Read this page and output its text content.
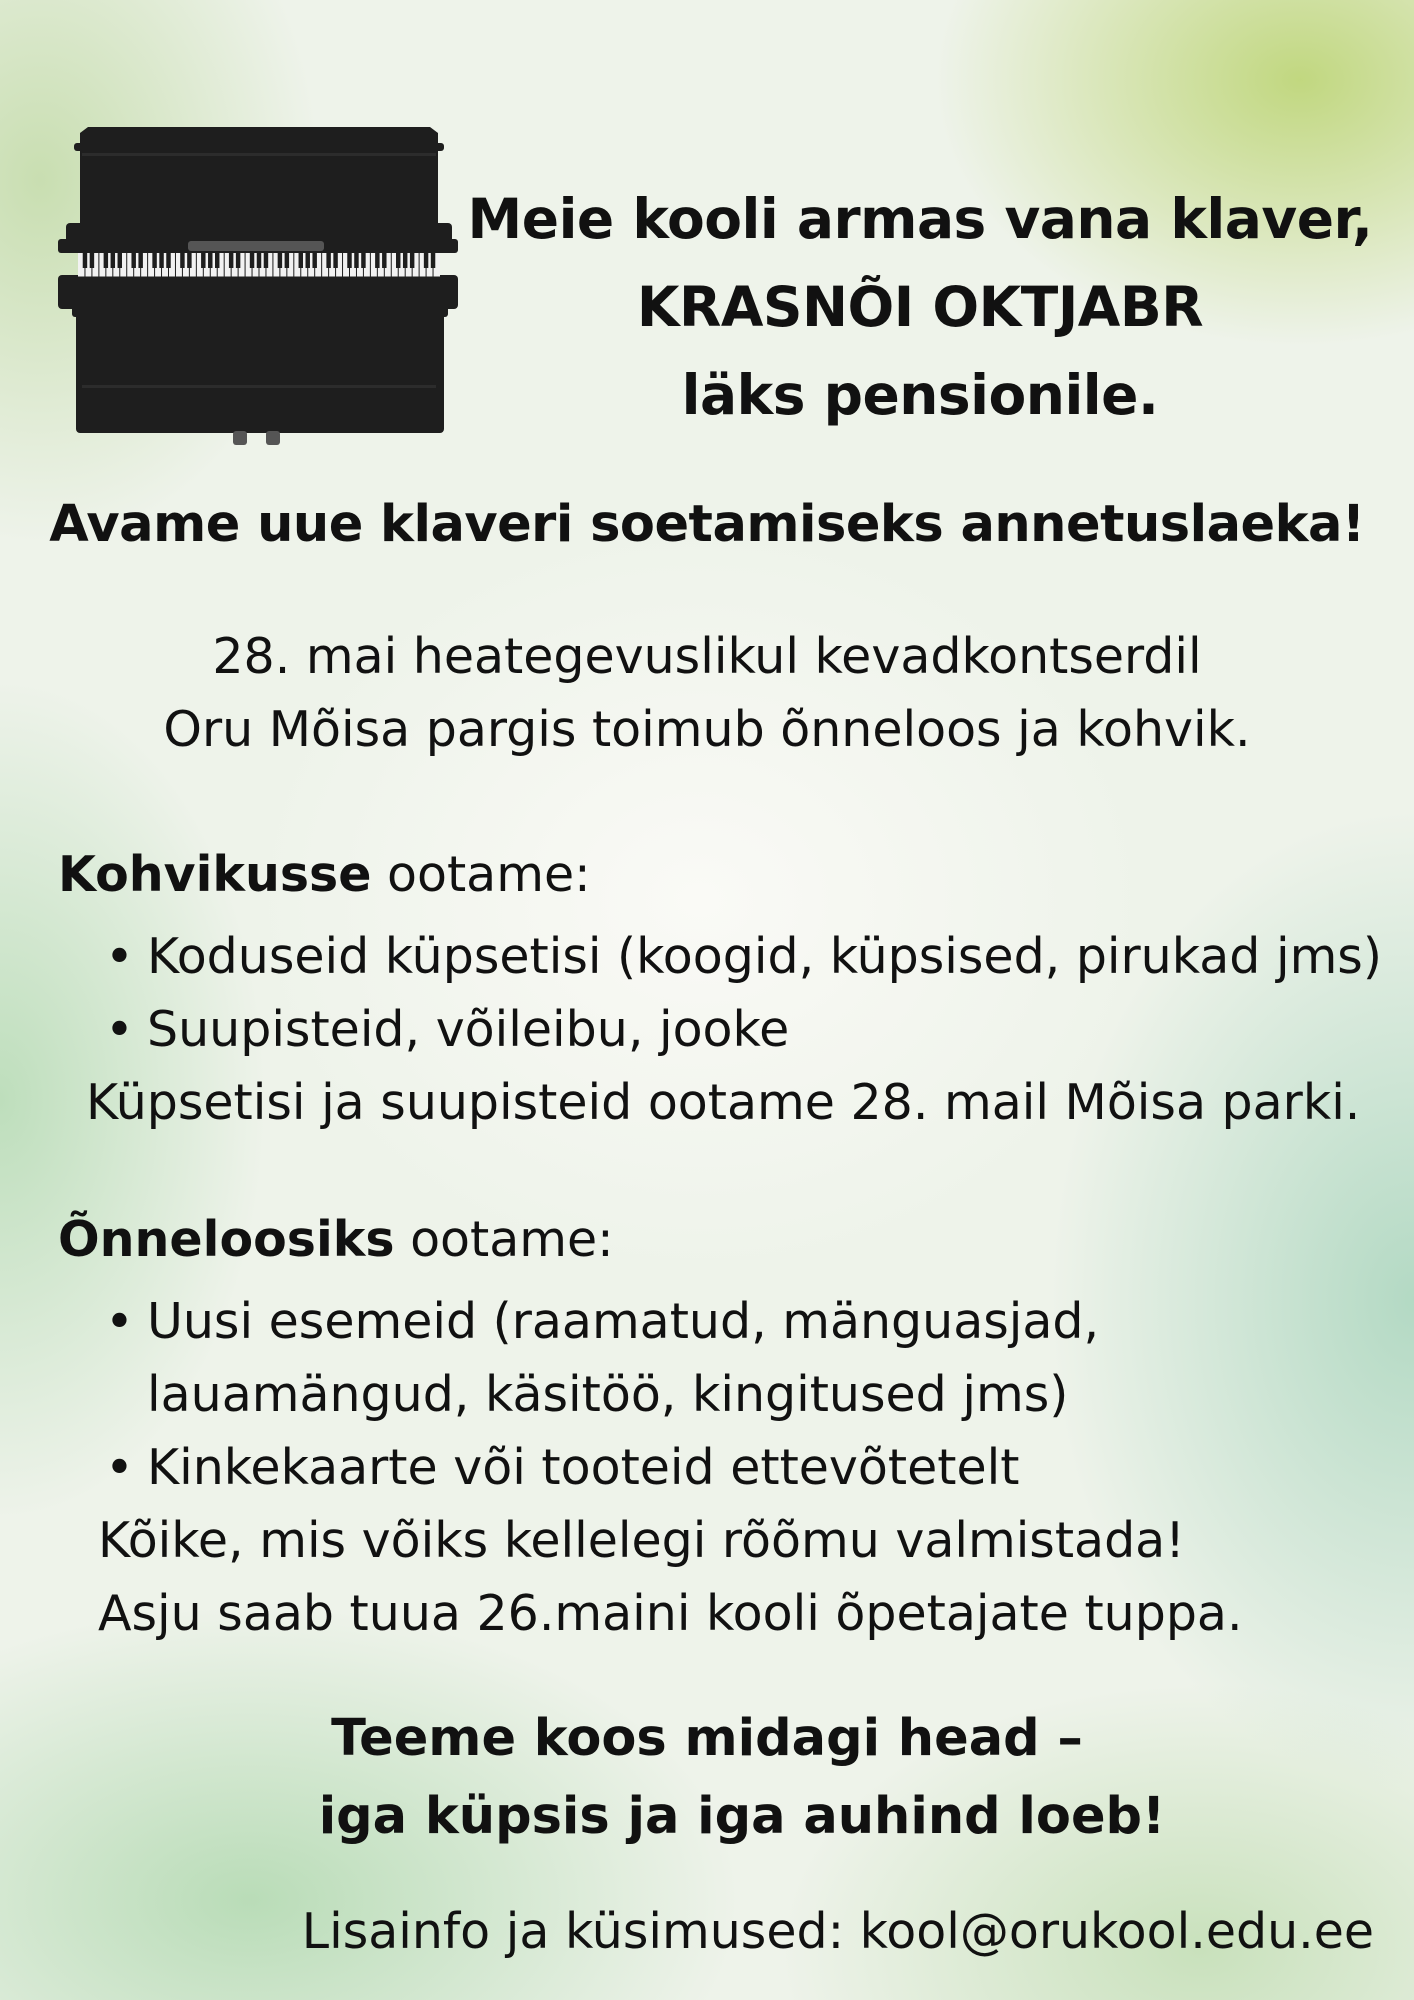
Meie kooli armas vana klaver,
KRASNÕI OKTJABR
läks pensionile.
Avame uue klaveri soetamiseks annetuslaeka!
28. mai heategevuslikul kevadkontserdil
Oru Mõisa pargis toimub õnneloos ja kohvik.
Kohvikusse ootame:
• Koduseid küpsetisi (koogid, küpsised, pirukad jms)
• Suupisteid, võileibu, jooke
Küpsetisi ja suupisteid ootame 28. mail Mõisa parki.
Õnneloosiks ootame:
• Uusi esemeid (raamatud, mänguasjad, lauamängud, käsitöö, kingitused jms)
• Kinkekaarte või tooteid ettevõtetelt
Kõike, mis võiks kellelegi rõõmu valmistada!
Asju saab tuua 26.maini kooli õpetajate tuppa.
Teeme koos midagi head –
iga küpsis ja iga auhind loeb!
Lisainfo ja küsimused: kool@orukool.edu.ee
